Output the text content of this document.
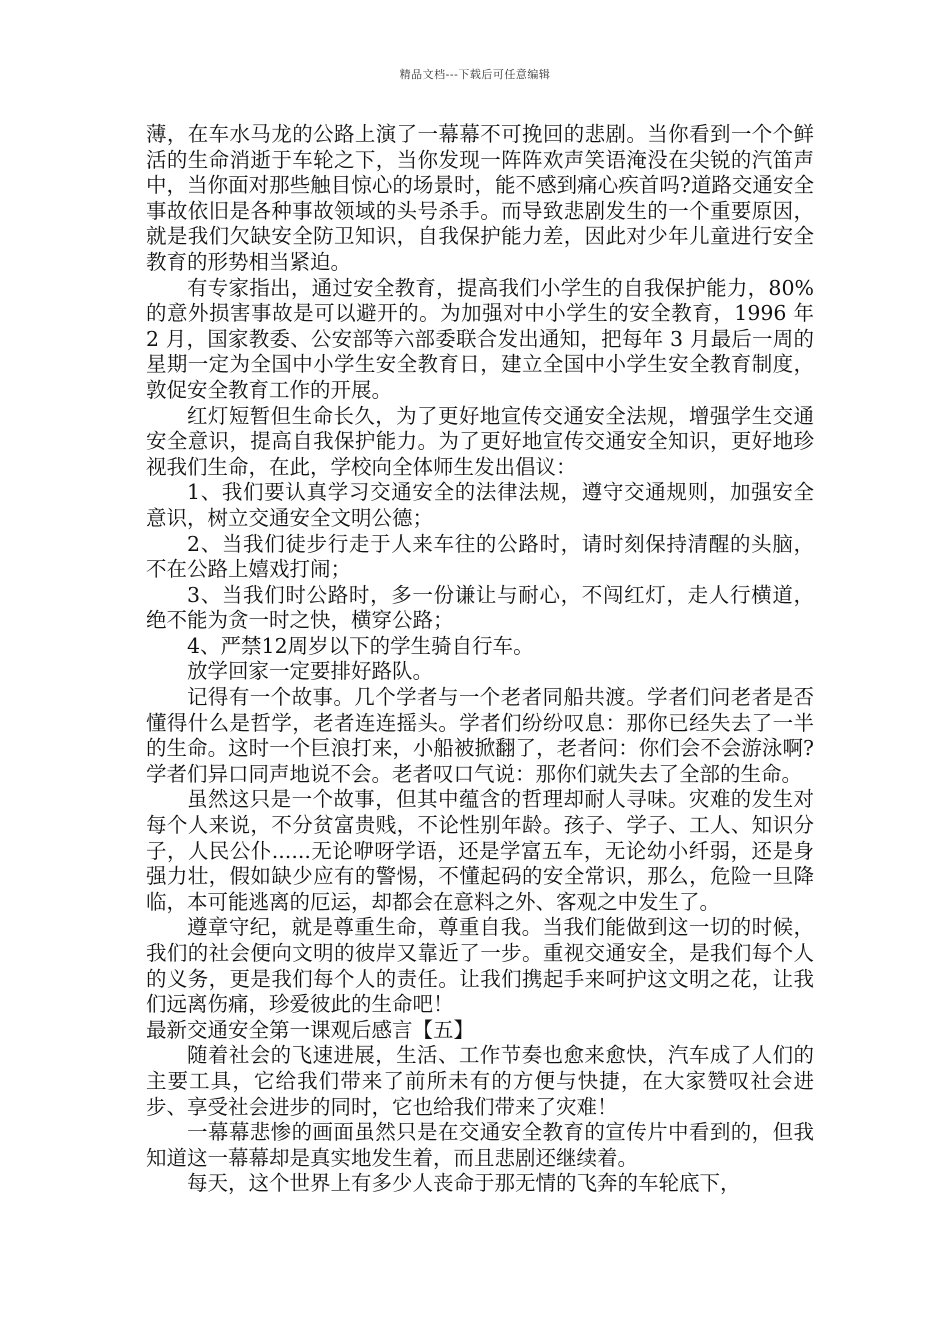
精品文档---下载后可任意编辑

薄，在车水马龙的公路上演了一幕幕不可挽回的悲剧。当你看到一个个鲜活的生命消逝于车轮之下，当你发现一阵阵欢声笑语淹没在尖锐的汽笛声中，当你面对那些触目惊心的场景时，能不感到痛心疾首吗?道路交通安全事故依旧是各种事故领域的头号杀手。而导致悲剧发生的一个重要原因，就是我们欠缺安全防卫知识，自我保护能力差，因此对少年儿童进行安全教育的形势相当紧迫。

有专家指出，通过安全教育，提高我们小学生的自我保护能力，80%的意外损害事故是可以避开的。为加强对中小学生的安全教育，1996 年 2 月，国家教委、公安部等六部委联合发出通知，把每年 3 月最后一周的星期一定为全国中小学生安全教育日，建立全国中小学生安全教育制度，敦促安全教育工作的开展。

红灯短暂但生命长久，为了更好地宣传交通安全法规，增强学生交通安全意识，提高自我保护能力。为了更好地宣传交通安全知识，更好地珍视我们生命，在此，学校向全体师生发出倡议：

1、我们要认真学习交通安全的法律法规，遵守交通规则，加强安全意识，树立交通安全文明公德；

2、当我们徒步行走于人来车往的公路时，请时刻保持清醒的头脑，不在公路上嬉戏打闹；

3、当我们时公路时，多一份谦让与耐心，不闯红灯，走人行横道，绝不能为贪一时之快，横穿公路；

4、严禁12周岁以下的学生骑自行车。

放学回家一定要排好路队。

记得有一个故事。几个学者与一个老者同船共渡。学者们问老者是否懂得什么是哲学，老者连连摇头。学者们纷纷叹息：那你已经失去了一半的生命。这时一个巨浪打来，小船被掀翻了，老者问：你们会不会游泳啊?学者们异口同声地说不会。老者叹口气说：那你们就失去了全部的生命。

虽然这只是一个故事，但其中蕴含的哲理却耐人寻味。灾难的发生对每个人来说，不分贫富贵贱，不论性别年龄。孩子、学子、工人、知识分子，人民公仆......无论咿呀学语，还是学富五车，无论幼小纤弱，还是身强力壮，假如缺少应有的警惕，不懂起码的安全常识，那么，危险一旦降临，本可能逃离的厄运，却都会在意料之外、客观之中发生了。

遵章守纪，就是尊重生命，尊重自我。当我们能做到这一切的时候，我们的社会便向文明的彼岸又靠近了一步。重视交通安全，是我们每个人的义务，更是我们每个人的责任。让我们携起手来呵护这文明之花，让我们远离伤痛，珍爱彼此的生命吧！

最新交通安全第一课观后感言【五】

随着社会的飞速进展，生活、工作节奏也愈来愈快，汽车成了人们的主要工具，它给我们带来了前所未有的方便与快捷，在大家赞叹社会进步、享受社会进步的同时，它也给我们带来了灾难！

一幕幕悲惨的画面虽然只是在交通安全教育的宣传片中看到的，但我知道这一幕幕却是真实地发生着，而且悲剧还继续着。

每天，这个世界上有多少人丧命于那无情的飞奔的车轮底下，
